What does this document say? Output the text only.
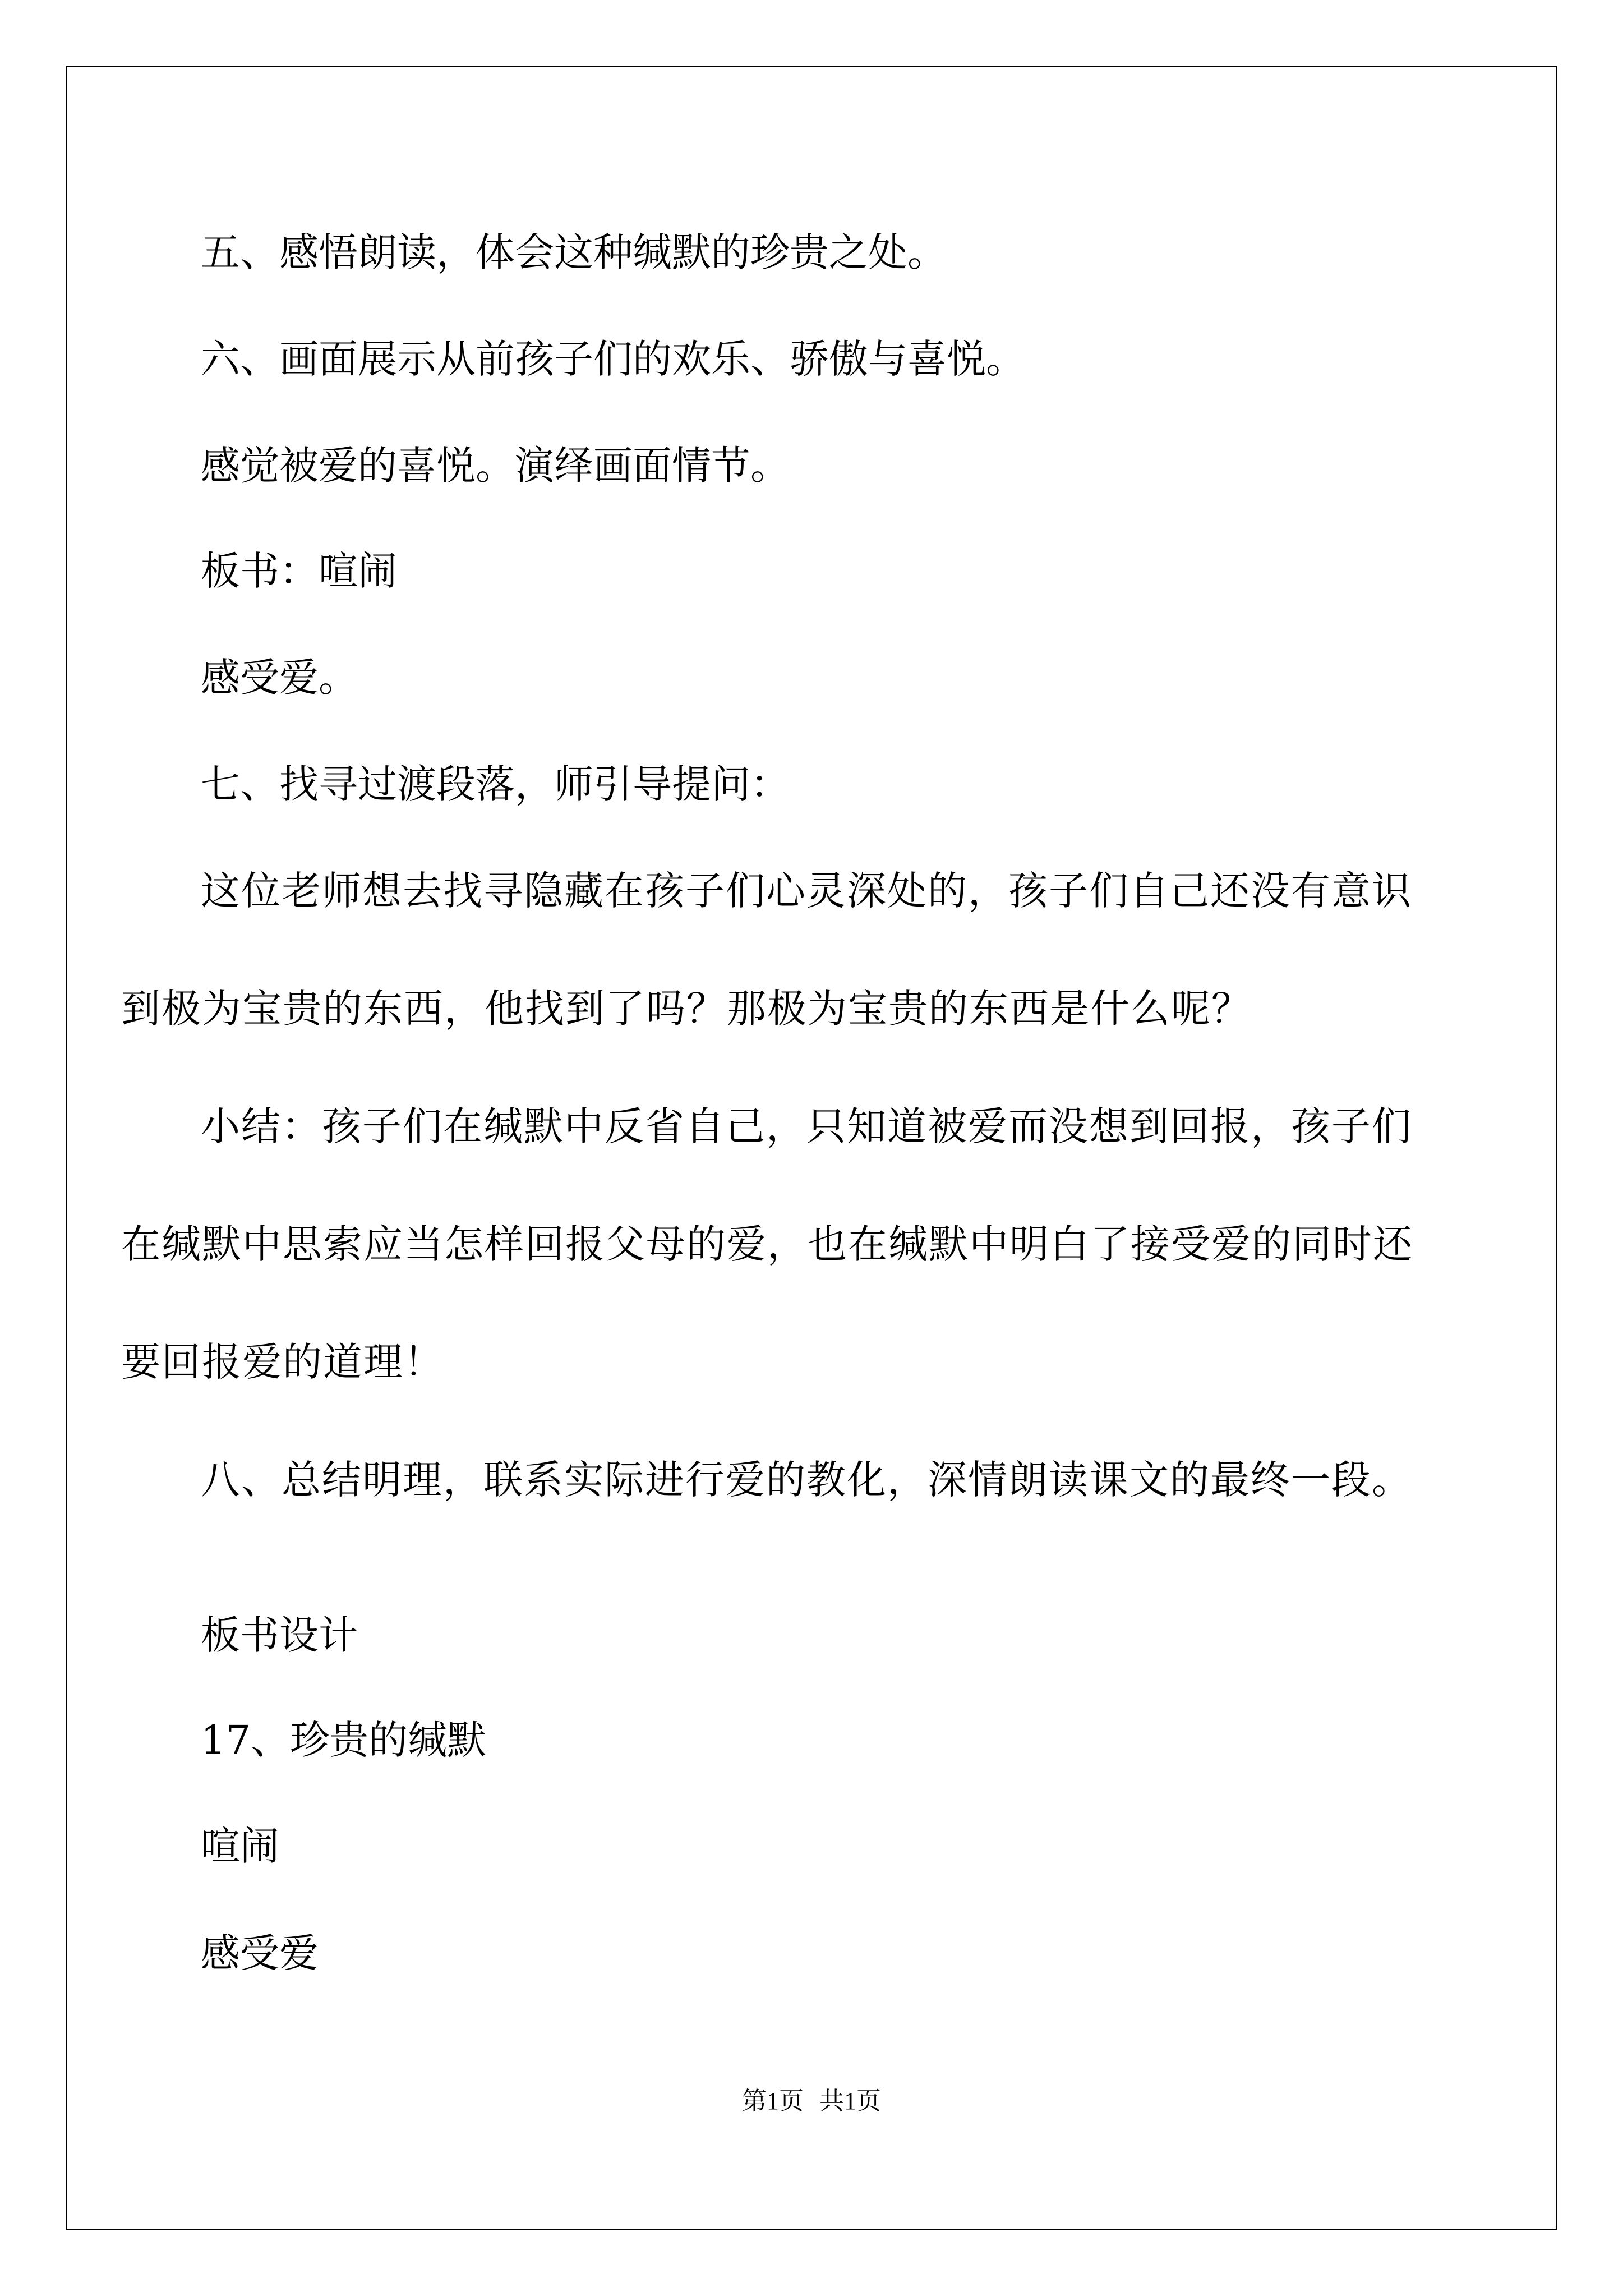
五、感悟朗读，体会这种缄默的珍贵之处。

六、画面展示从前孩子们的欢乐、骄傲与喜悦。

感觉被爱的喜悦。演绎画面情节。

板书：喧闹

感受爱。

七、找寻过渡段落，师引导提问：

这位老师想去找寻隐藏在孩子们心灵深处的，孩子们自己还没有意识到极为宝贵的东西，他找到了吗？那极为宝贵的东西是什么呢？

小结：孩子们在缄默中反省自己，只知道被爱而没想到回报，孩子们在缄默中思索应当怎样回报父母的爱，也在缄默中明白了接受爱的同时还要回报爱的道理！

八、总结明理，联系实际进行爱的教化，深情朗读课文的最终一段。

板书设计

17、珍贵的缄默

喧闹

感受爱

第1页 共1页
